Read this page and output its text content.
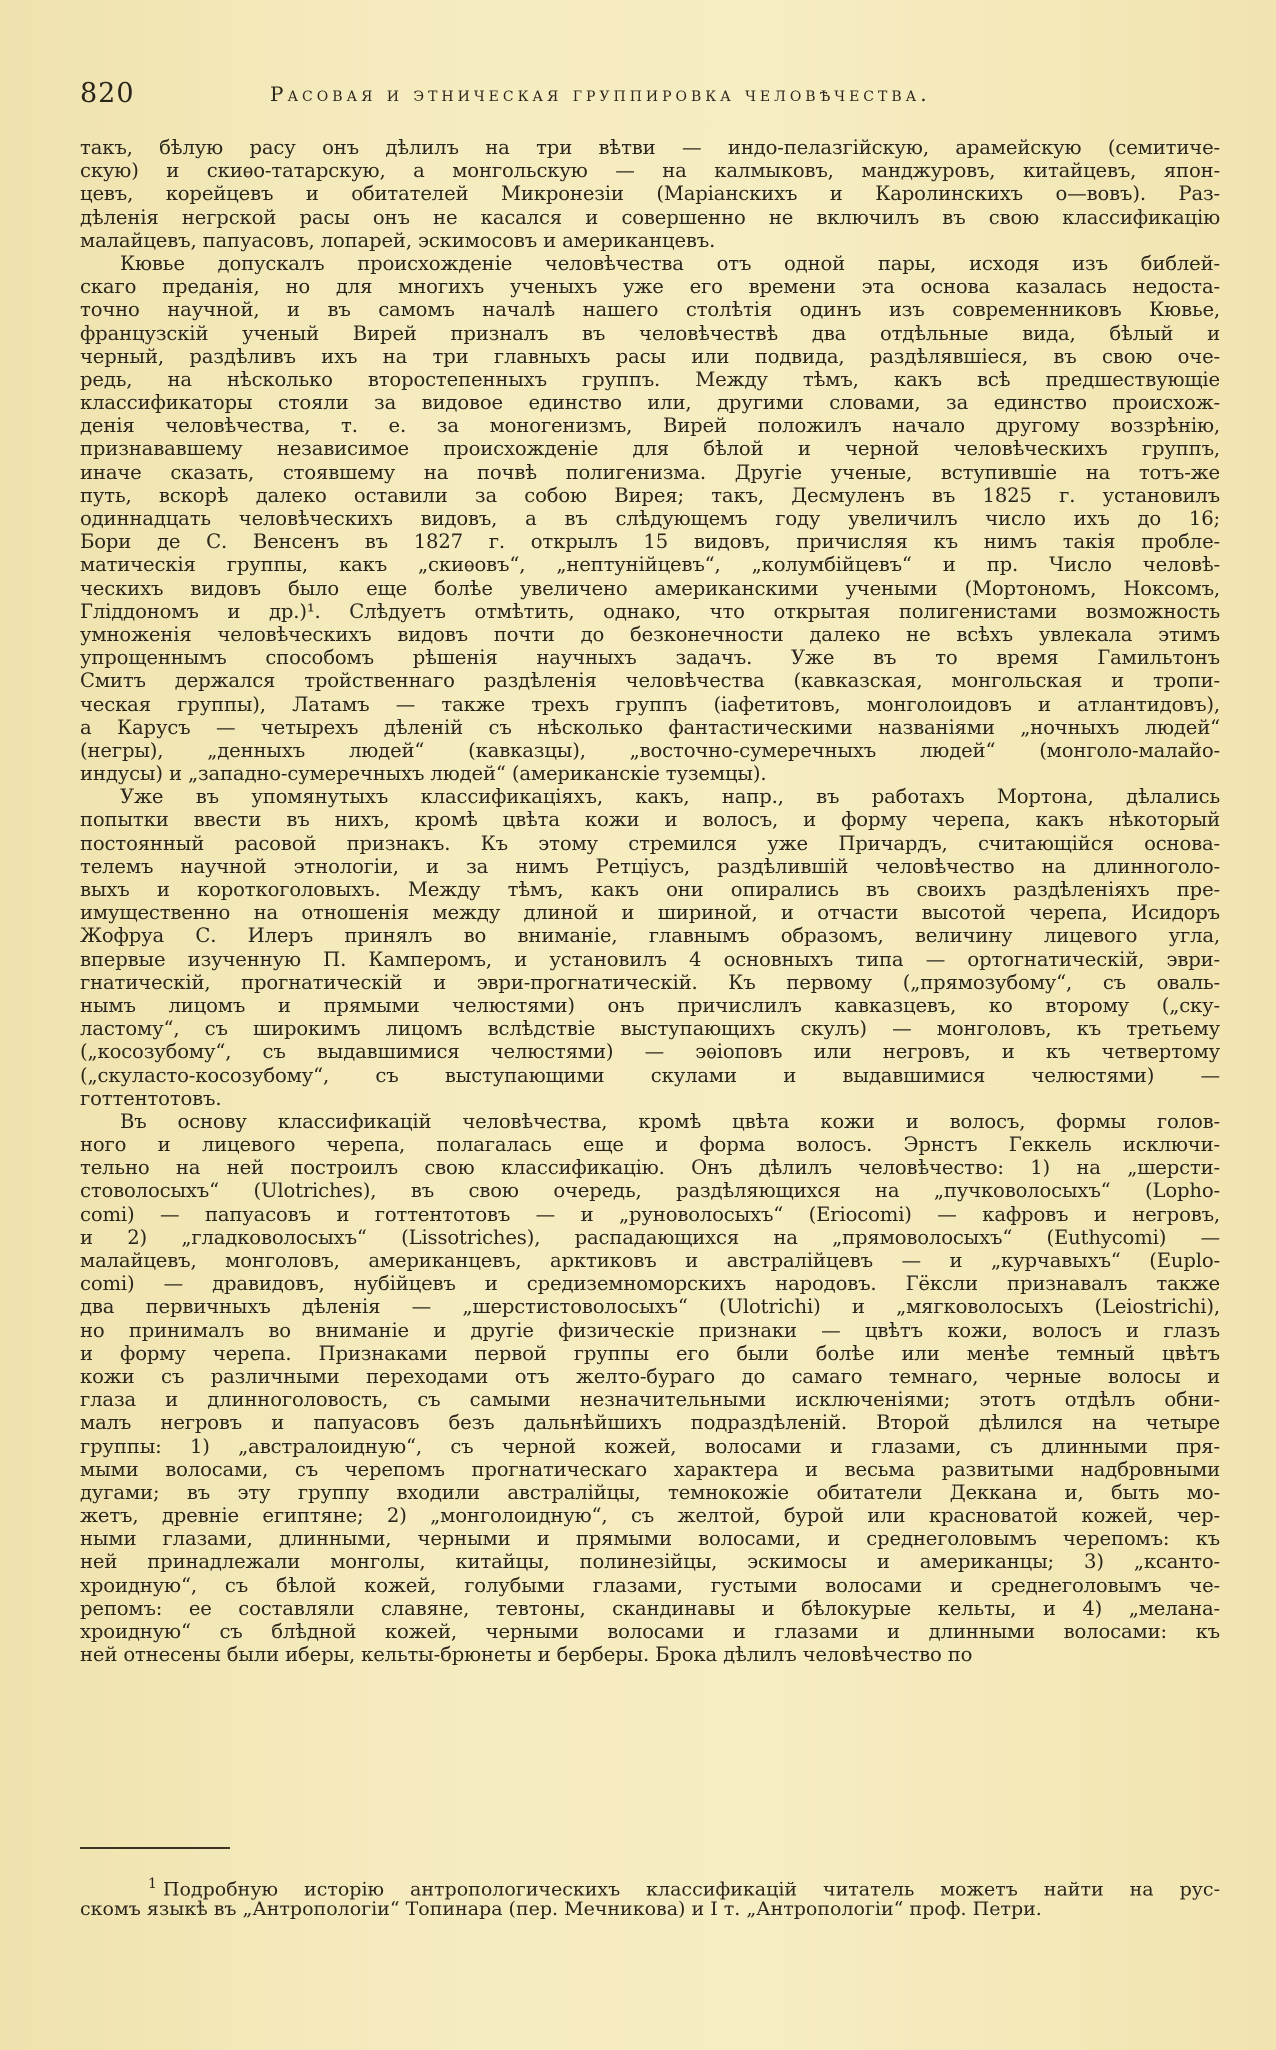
820	Расовая и этническая группировка человѣчества.
такъ, бѣлую расу онъ дѣлилъ на три вѣтви — индо-пелазгійскую, арамейскую (семитиче-
скую) и скиѳо-татарскую, а монгольскую — на калмыковъ, манджуровъ, китайцевъ, япон-
цевъ, корейцевъ и обитателей Микронезіи (Маріанскихъ и Каролинскихъ о—вовъ). Раз-
дѣленія негрской расы онъ не касался и совершенно не включилъ въ свою классификацію
малайцевъ, папуасовъ, лопарей, эскимосовъ и американцевъ.
Кювье допускалъ происхожденіе человѣчества отъ одной пары, исходя изъ библей-
скаго преданія, но для многихъ ученыхъ уже его времени эта основа казалась недоста-
точно научной, и въ самомъ началѣ нашего столѣтія одинъ изъ современниковъ Кювье,
французскій ученый Вирей призналъ въ человѣчествѣ два отдѣльные вида, бѣлый и
черный, раздѣливъ ихъ на три главныхъ расы или подвида, раздѣлявшіеся, въ свою оче-
редь, на нѣсколько второстепенныхъ группъ. Между тѣмъ, какъ всѣ предшествующіе
классификаторы стояли за видовое единство или, другими словами, за единство происхож-
денія человѣчества, т. е. за моногенизмъ, Вирей положилъ начало другому воззрѣнію,
признававшему независимое происхожденіе для бѣлой и черной человѣческихъ группъ,
иначе сказать, стоявшему на почвѣ полигенизма. Другіе ученые, вступившіе на тотъ-же
путь, вскорѣ далеко оставили за собою Вирея; такъ, Десмуленъ въ 1825 г. установилъ
одиннадцать человѣческихъ видовъ, а въ слѣдующемъ году увеличилъ число ихъ до 16;
Бори де С. Венсенъ въ 1827 г. открылъ 15 видовъ, причисляя къ нимъ такія пробле-
матическія группы, какъ „скиѳовъ“, „нептунійцевъ“, „колумбійцевъ“ и пр. Число человѣ-
ческихъ видовъ было еще болѣе увеличено американскими учеными (Мортономъ, Ноксомъ,
Гліддономъ и др.)¹. Слѣдуетъ отмѣтить, однако, что открытая полигенистами возможность
умноженія человѣческихъ видовъ почти до безконечности далеко не всѣхъ увлекала этимъ
упрощеннымъ способомъ рѣшенія научныхъ задачъ. Уже въ то время Гамильтонъ
Смитъ держался тройственнаго раздѣленія человѣчества (кавказская, монгольская и тропи-
ческая группы), Латамъ — также трехъ группъ (іафетитовъ, монголоидовъ и атлантидовъ),
а Карусъ — четырехъ дѣленій съ нѣсколько фантастическими названіями „ночныхъ людей“
(негры), „денныхъ людей“ (кавказцы), „восточно-сумеречныхъ людей“ (монголо-малайо-
индусы) и „западно-сумеречныхъ людей“ (американскіе туземцы).
Уже въ упомянутыхъ классификаціяхъ, какъ, напр., въ работахъ Мортона, дѣлались
попытки ввести въ нихъ, кромѣ цвѣта кожи и волосъ, и форму черепа, какъ нѣкоторый
постоянный расовой признакъ. Къ этому стремился уже Причардъ, считающійся основа-
телемъ научной этнологіи, и за нимъ Ретціусъ, раздѣлившій человѣчество на длинноголо-
выхъ и короткоголовыхъ. Между тѣмъ, какъ они опирались въ своихъ раздѣленіяхъ пре-
имущественно на отношенія между длиной и шириной, и отчасти высотой черепа, Исидоръ
Жофруа С. Илеръ принялъ во вниманіе, главнымъ образомъ, величину лицевого угла,
впервые изученную П. Камперомъ, и установилъ 4 основныхъ типа — ортогнатическій, эври-
гнатическій, прогнатическій и эври-прогнатическій. Къ первому („прямозубому“, съ оваль-
нымъ лицомъ и прямыми челюстями) онъ причислилъ кавказцевъ, ко второму („ску-
ластому“, съ широкимъ лицомъ вслѣдствіе выступающихъ скулъ) — монголовъ, къ третьему
(„косозубому“, съ выдавшимися челюстями) — эѳіоповъ или негровъ, и къ четвертому
(„скуласто-косозубому“, съ выступающими скулами и выдавшимися челюстями) —
готтентотовъ.
Въ основу классификацій человѣчества, кромѣ цвѣта кожи и волосъ, формы голов-
ного и лицевого черепа, полагалась еще и форма волосъ. Эрнстъ Геккель исключи-
тельно на ней построилъ свою классификацію. Онъ дѣлилъ человѣчество: 1) на „шерсти-
стоволосыхъ“ (Ulotriches), въ свою очередь, раздѣляющихся на „пучковолосыхъ“ (Lopho-
comi) — папуасовъ и готтентотовъ — и „руноволосыхъ“ (Eriocomi) — кафровъ и негровъ,
и 2) „гладковолосыхъ“ (Lissotriches), распадающихся на „прямоволосыхъ“ (Euthycomi) —
малайцевъ, монголовъ, американцевъ, арктиковъ и австралійцевъ — и „курчавыхъ“ (Euplo-
comi) — дравидовъ, нубійцевъ и средиземноморскихъ народовъ. Гёксли признавалъ также
два первичныхъ дѣленія — „шерстистоволосыхъ“ (Ulotrichi) и „мягковолосыхъ (Leiostrichi),
но принималъ во вниманіе и другіе физическіе признаки — цвѣтъ кожи, волосъ и глазъ
и форму черепа. Признаками первой группы его были болѣе или менѣе темный цвѣтъ
кожи съ различными переходами отъ желто-бураго до самаго темнаго, черные волосы и
глаза и длинноголовость, съ самыми незначительными исключеніями; этотъ отдѣлъ обни-
малъ негровъ и папуасовъ безъ дальнѣйшихъ подраздѣленій. Второй дѣлился на четыре
группы: 1) „австралоидную“, съ черной кожей, волосами и глазами, съ длинными пря-
мыми волосами, съ черепомъ прогнатическаго характера и весьма развитыми надбровными
дугами; въ эту группу входили австралійцы, темнокожіе обитатели Деккана и, быть мо-
жетъ, древніе египтяне; 2) „монголоидную“, съ желтой, бурой или красноватой кожей, чер-
ными глазами, длинными, черными и прямыми волосами, и среднеголовымъ черепомъ: къ
ней принадлежали монголы, китайцы, полинезійцы, эскимосы и американцы; 3) „ксанто-
хроидную“, съ бѣлой кожей, голубыми глазами, густыми волосами и среднеголовымъ че-
репомъ: ее составляли славяне, тевтоны, скандинавы и бѣлокурые кельты, и 4) „мелана-
хроидную“ съ блѣдной кожей, черными волосами и глазами и длинными волосами: къ
ней отнесены были иберы, кельты-брюнеты и берберы. Брока дѣлилъ человѣчество по
$^1$ Подробную исторію антропологическихъ классификацій читатель можетъ найти на рус-
скомъ языкѣ въ „Антропологіи“ Топинара (пер. Мечникова) и I т. „Антропологіи“ проф. Петри.
